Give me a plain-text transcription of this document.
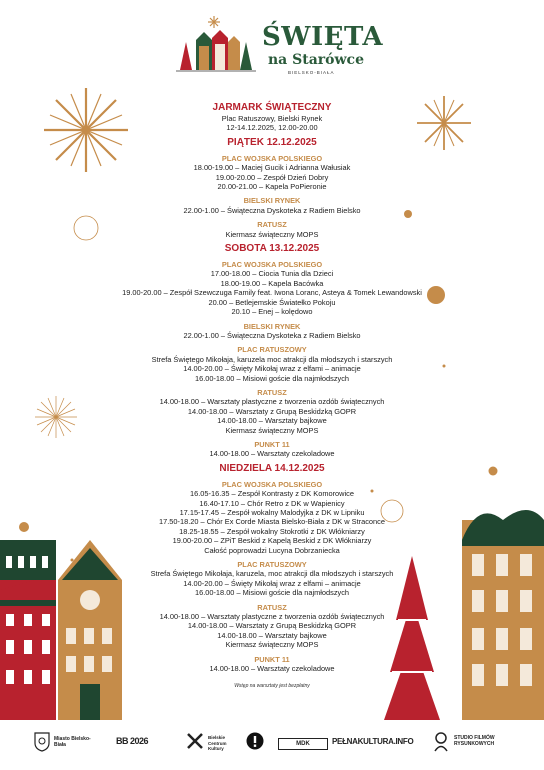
ŚWIĘTA
na Starówce
BIELSKO-BIAŁA
JARMARK ŚWIĄTECZNY
Plac Ratuszowy, Bielski Rynek
12-14.12.2025, 12.00-20.00
PIĄTEK 12.12.2025
PLAC WOJSKA POLSKIEGO
18.00-19.00 – Maciej Gucik i Adrianna Wałusiak
19.00-20.00 – Zespół Dzień Dobry
20.00-21.00 – Kapela PoPieronie
BIELSKI RYNEK
22.00-1.00 – Świąteczna Dyskoteka z Radiem Bielsko
RATUSZ
Kiermasz świąteczny MOPS
SOBOTA 13.12.2025
PLAC WOJSKA POLSKIEGO
17.00-18.00 – Ciocia Tunia dla Dzieci
18.00-19.00 – Kapela Bacówka
19.00-20.00 – Zespół Szewczuga Family feat. Iwona Loranc, Asteya & Tomek Lewandowski
20.00 – Betlejemskie Światełko Pokoju
20.10 – Enej – kolędowo
BIELSKI RYNEK
22.00-1.00 – Świąteczna Dyskoteka z Radiem Bielsko
PLAC RATUSZOWY
Strefa Świętego Mikołaja, karuzela moc atrakcji dla młodszych i starszych
14.00-20.00 – Święty Mikołaj wraz z elfami – animacje
16.00-18.00 – Misiowi goście dla najmłodszych
RATUSZ
14.00-18.00 – Warsztaty plastyczne z tworzenia ozdób świątecznych
14.00-18.00 – Warsztaty z Grupą Beskidzką GOPR
14.00-18.00 – Warsztaty bajkowe
Kiermasz świąteczny MOPS
PUNKT 11
14.00-18.00 – Warsztaty czekoladowe
NIEDZIELA 14.12.2025
PLAC WOJSKA POLSKIEGO
16.05-16.35 – Zespół Kontrasty z DK Komorowice
16.40-17.10 – Chór Retro z DK w Wapienicy
17.15-17.45 – Zespół wokalny Malodyjka z DK w Lipniku
17.50-18.20 – Chór Ex Corde Miasta Bielsko-Biała z DK w Straconce
18.25-18.55 – Zespół wokalny Stokrotki z DK Włókniarzy
19.00-20.00 – ZPiT Beskid z Kapelą Beskid z DK Włókniarzy
Całość poprowadzi Lucyna Dobrzaniecka
PLAC RATUSZOWY
Strefa Świętego Mikołaja, karuzela, moc atrakcji dla młodszych i starszych
14.00-20.00 – Święty Mikołaj wraz z elfami – animacje
16.00-18.00 – Misiowi goście dla najmłodszych
RATUSZ
14.00-18.00 – Warsztaty plastyczne z tworzenia ozdób świątecznych
14.00-18.00 – Warsztaty z Grupą Beskidzką GOPR
14.00-18.00 – Warsztaty bajkowe
Kiermasz świąteczny MOPS
PUNKT 11
14.00-18.00 – Warsztaty czekoladowe
Wstęp na warsztaty jest bezpłatny
Miasto Bielsko-Biała	BB 2026	Bielskie Centrum Kultury
MDK	PEŁNAKULTURA.INFO	STUDIO FILMÓW RYSUNKOWYCH
